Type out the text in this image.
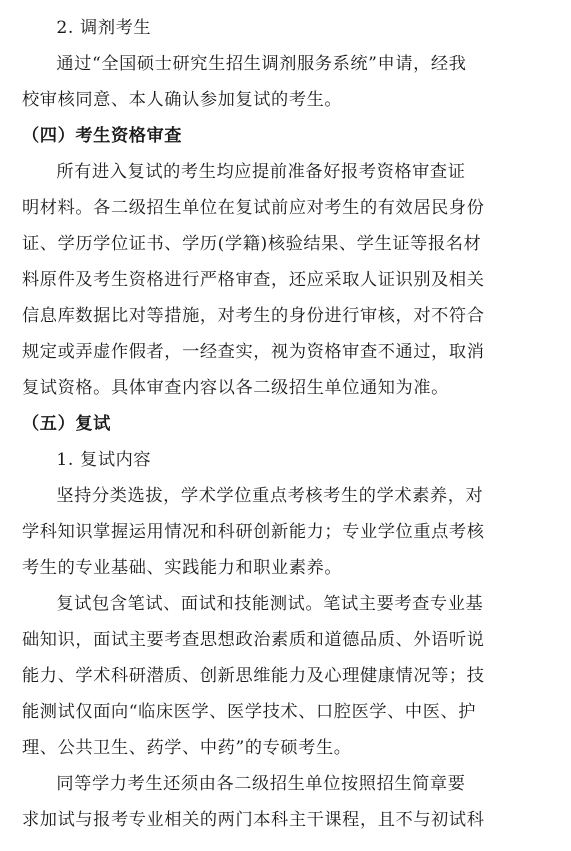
2. 调剂考生

通过“全国硕士研究生招生调剂服务系统”申请，经我
校审核同意、本人确认参加复试的考生。

（四）考生资格审查

所有进入复试的考生均应提前准备好报考资格审查证
明材料。各二级招生单位在复试前应对考生的有效居民身份
证、学历学位证书、学历(学籍)核验结果、学生证等报名材
料原件及考生资格进行严格审查，还应采取人证识别及相关
信息库数据比对等措施，对考生的身份进行审核，对不符合
规定或弄虚作假者，一经查实，视为资格审查不通过，取消
复试资格。具体审查内容以各二级招生单位通知为准。

（五）复试

1. 复试内容

坚持分类选拔，学术学位重点考核考生的学术素养，对
学科知识掌握运用情况和科研创新能力；专业学位重点考核
考生的专业基础、实践能力和职业素养。

复试包含笔试、面试和技能测试。笔试主要考查专业基
础知识，面试主要考查思想政治素质和道德品质、外语听说
能力、学术科研潜质、创新思维能力及心理健康情况等；技
能测试仅面向“临床医学、医学技术、口腔医学、中医、护
理、公共卫生、药学、中药”的专硕考生。

同等学力考生还须由各二级招生单位按照招生简章要
求加试与报考专业相关的两门本科主干课程，且不与初试科
